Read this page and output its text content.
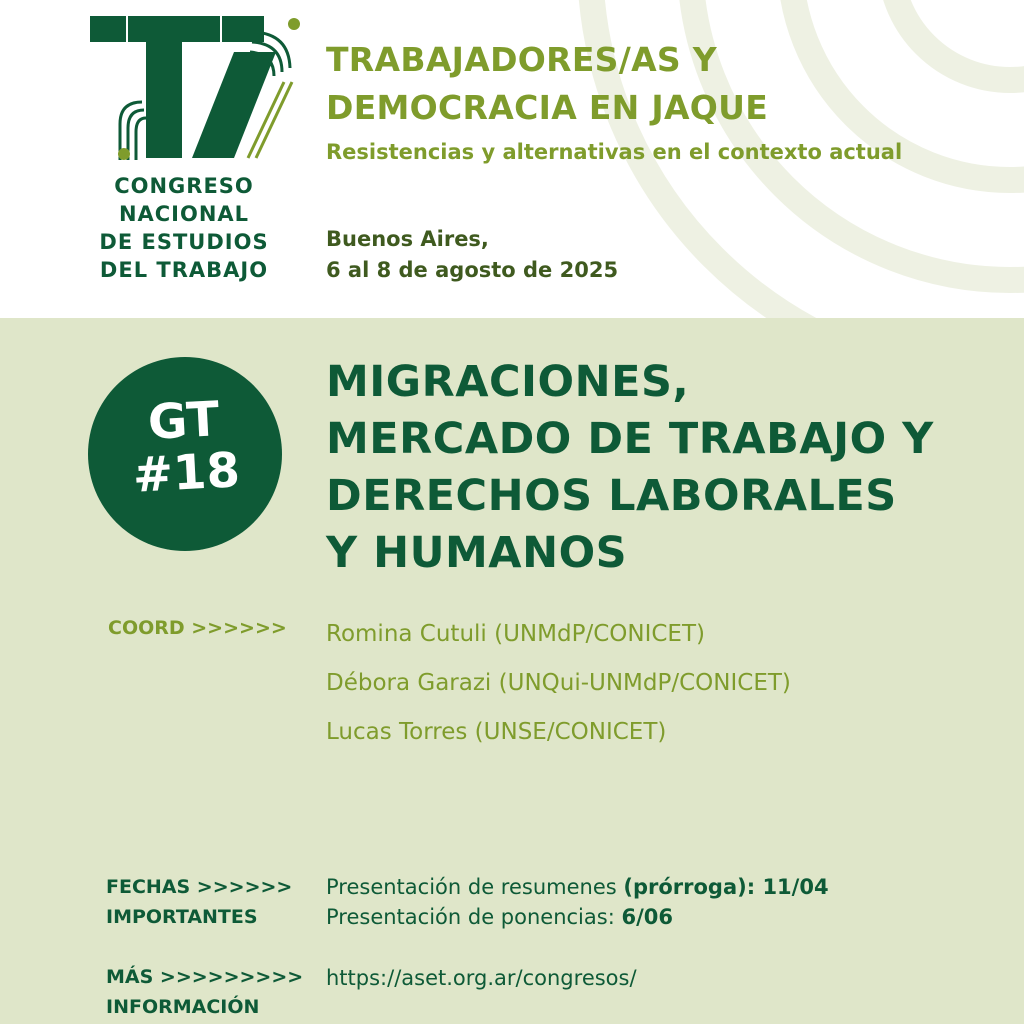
CONGRESO
NACIONAL
DE ESTUDIOS
DEL TRABAJO
TRABAJADORES/AS Y
DEMOCRACIA EN JAQUE

Resistencias y alternativas en el contexto actual

Buenos Aires,
6 al 8 de agosto de 2025
GT
#18
MIGRACIONES,
MERCADO DE TRABAJO Y
DERECHOS LABORALES
Y HUMANOS
COORD >>>>>> Romina Cutuli (UNMdP/CONICET)
Débora Garazi (UNQui-UNMdP/CONICET)
Lucas Torres (UNSE/CONICET)
FECHAS >>>>>>
IMPORTANTES
Presentación de resumenes (prórroga): 11/04
Presentación de ponencias: 6/06
MÁS >>>>>>>>>
INFORMACIÓN
https://aset.org.ar/congresos/
